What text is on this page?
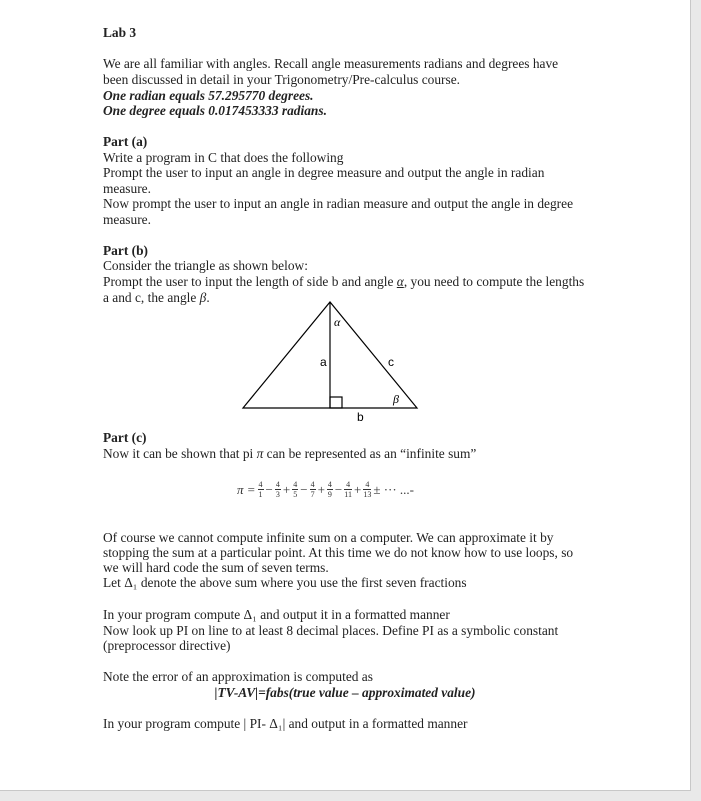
Lab 3
We are all familiar with angles. Recall angle measurements radians and degrees have
been discussed in detail in your Trigonometry/Pre-calculus course.
One radian equals 57.295770 degrees.
One degree equals 0.017453333 radians.
Part (a)
Write a program in C that does the following
Prompt the user to input an angle in degree measure and output the angle in radian
measure.
Now prompt the user to input an angle in radian measure and output the angle in degree
measure.
Part (b)
Consider the triangle as shown below:
Prompt the user to input the length of side b and angle α, you need to compute the lengths
a and c, the angle β.
α
a	c
β
b
Part (c)
Now it can be shown that pi π can be represented as an “infinite sum”
$\pi = \frac{4}{1} - \frac{4}{3} + \frac{4}{5} - \frac{4}{7} + \frac{4}{9} - \frac{4}{11} + \frac{4}{13}$ ± ··· ...-
Of course we cannot compute infinite sum on a computer. We can approximate it by
stopping the sum at a particular point. At this time we do not know how to use loops, so
we will hard code the sum of seven terms.
Let Δ₁ denote the above sum where you use the first seven fractions
In your program compute Δ₁ and output it in a formatted manner
Now look up PI on line to at least 8 decimal places. Define PI as a symbolic constant
(preprocessor directive)
Note the error of an approximation is computed as
|TV-AV|=fabs(true value – approximated value)
In your program compute | PI- Δ₁| and output in a formatted manner
